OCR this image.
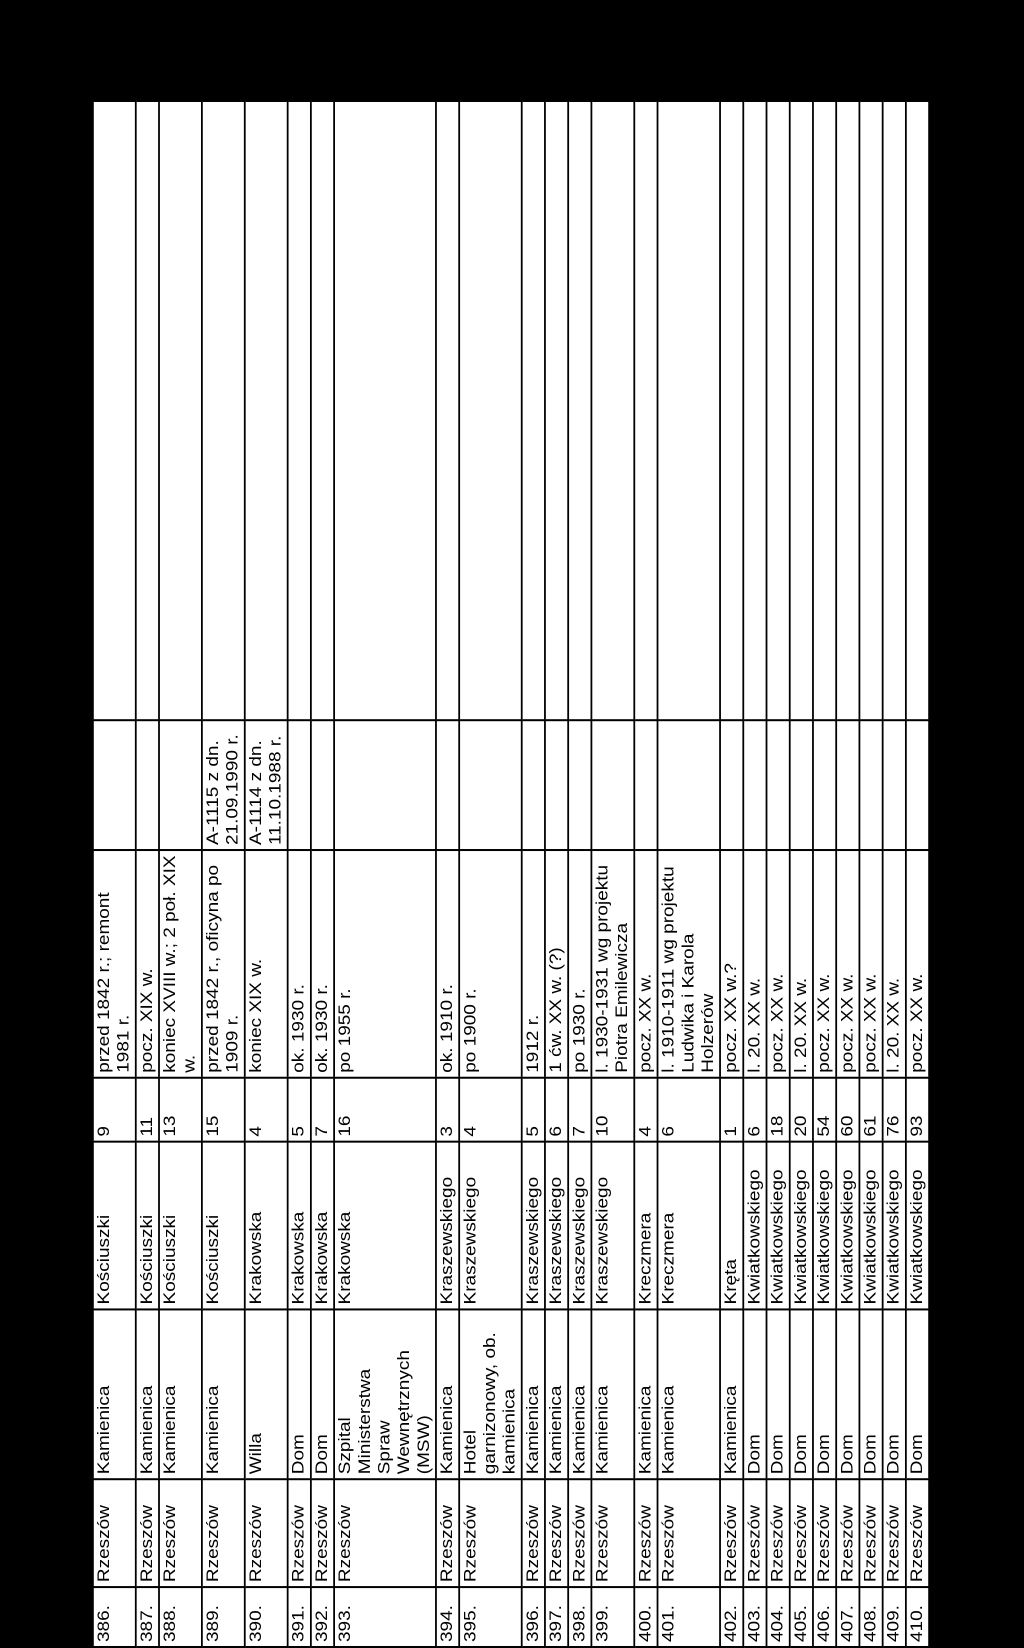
386.	Rzeszów	Kamienica	Kościuszki	9	przed 1842 r.; remont 1981 r.		
387.	Rzeszów	Kamienica	Kościuszki	11	pocz. XIX w.		
388.	Rzeszów	Kamienica	Kościuszki	13	koniec XVIII w.; 2 poł. XIX w.		
389.	Rzeszów	Kamienica	Kościuszki	15	przed 1842 r., oficyna po 1909 r.	A-1115 z dn. 21.09.1990 r.	
390.	Rzeszów	Willa	Krakowska	4	koniec XIX w.	A-1114 z dn. 11.10.1988 r.	
391.	Rzeszów	Dom	Krakowska	5	ok. 1930 r.		
392.	Rzeszów	Dom	Krakowska	7	ok. 1930 r.		
393.	Rzeszów	Szpital Ministerstwa Spraw Wewnętrznych (MSW)	Krakowska	16	po 1955 r.		
394.	Rzeszów	Kamienica	Kraszewskiego	3	ok. 1910 r.		
395.	Rzeszów	Hotel garnizonowy, ob. kamienica	Kraszewskiego	4	po 1900 r.		
396.	Rzeszów	Kamienica	Kraszewskiego	5	1912 r.		
397.	Rzeszów	Kamienica	Kraszewskiego	6	1 ćw. XX w. (?)		
398.	Rzeszów	Kamienica	Kraszewskiego	7	po 1930 r.		
399.	Rzeszów	Kamienica	Kraszewskiego	10	l. 1930-1931 wg projektu Piotra Emilewicza		
400.	Rzeszów	Kamienica	Kreczmera	4	pocz. XX w.		
401.	Rzeszów	Kamienica	Kreczmera	6	l. 1910-1911 wg projektu Ludwika i Karola Holzerów		
402.	Rzeszów	Kamienica	Kręta	1	pocz. XX w.?		
403.	Rzeszów	Dom	Kwiatkowskiego	6	l. 20. XX w.		
404.	Rzeszów	Dom	Kwiatkowskiego	18	pocz. XX w.		
405.	Rzeszów	Dom	Kwiatkowskiego	20	l. 20. XX w.		
406.	Rzeszów	Dom	Kwiatkowskiego	54	pocz. XX w.		
407.	Rzeszów	Dom	Kwiatkowskiego	60	pocz. XX w.		
408.	Rzeszów	Dom	Kwiatkowskiego	61	pocz. XX w.		
409.	Rzeszów	Dom	Kwiatkowskiego	76	l. 20. XX w.		
410.	Rzeszów	Dom	Kwiatkowskiego	93	pocz. XX w.		
